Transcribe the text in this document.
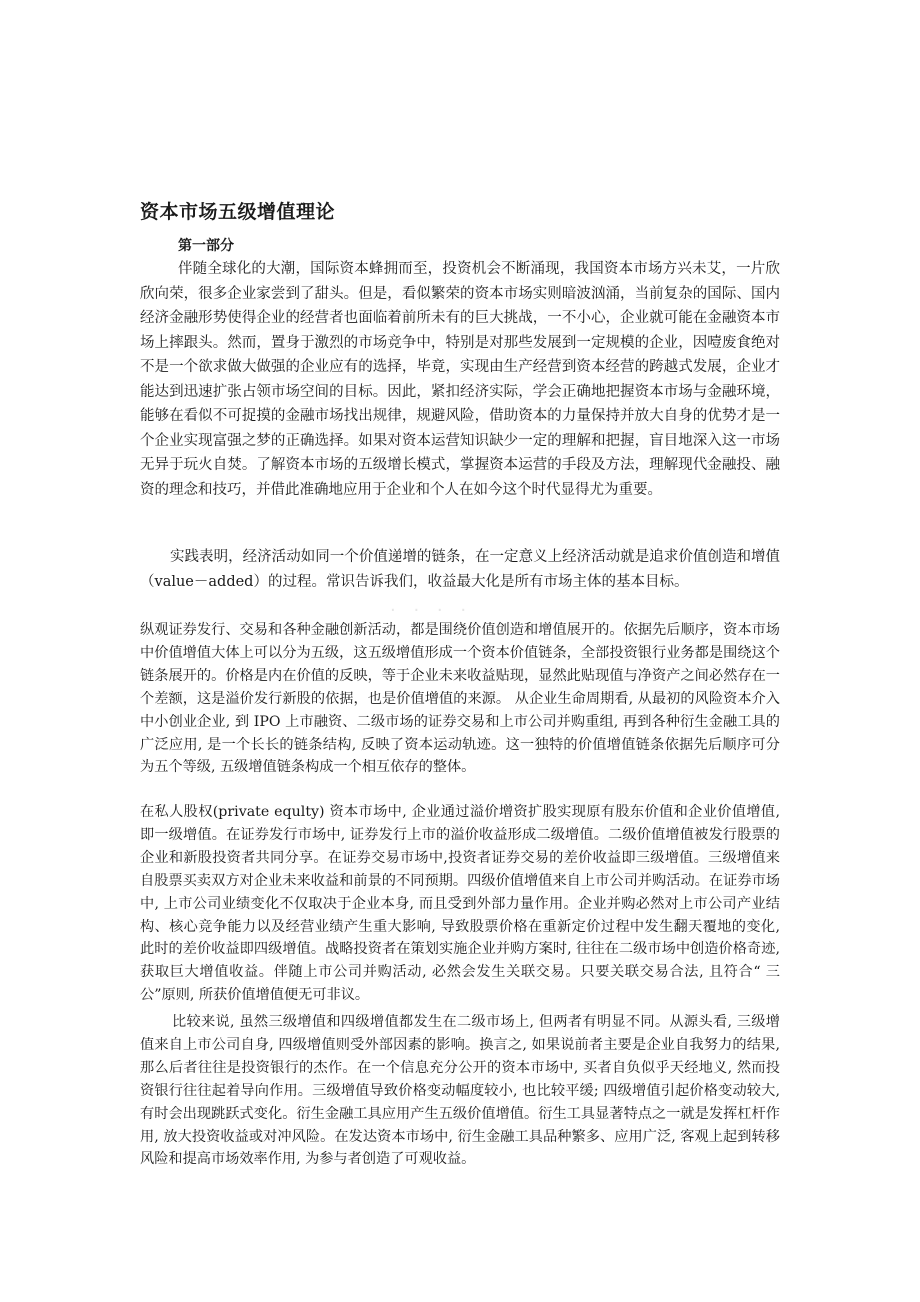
资本市场五级增值理论
第一部分

伴随全球化的大潮，国际资本蜂拥而至，投资机会不断涌现，我国资本市场方兴未艾，一片欣欣向荣，很多企业家尝到了甜头。但是，看似繁荣的资本市场实则暗波汹涌，当前复杂的国际、国内经济金融形势使得企业的经营者也面临着前所未有的巨大挑战，一不小心，企业就可能在金融资本市场上摔跟头。然而，置身于激烈的市场竞争中，特别是对那些发展到一定规模的企业，因噎废食绝对不是一个欲求做大做强的企业应有的选择，毕竟，实现由生产经营到资本经营的跨越式发展，企业才能达到迅速扩张占领市场空间的目标。因此，紧扣经济实际，学会正确地把握资本市场与金融环境，能够在看似不可捉摸的金融市场找出规律，规避风险，借助资本的力量保持并放大自身的优势才是一个企业实现富强之梦的正确选择。如果对资本运营知识缺少一定的理解和把握，盲目地深入这一市场无异于玩火自焚。了解资本市场的五级增长模式，掌握资本运营的手段及方法，理解现代金融投、融资的理念和技巧，并借此准确地应用于企业和个人在如今这个时代显得尤为重要。

实践表明，经济活动如同一个价值递增的链条，在一定意义上经济活动就是追求价值创造和增值（value－added）的过程。常识告诉我们，收益最大化是所有市场主体的基本目标。

纵观证券发行、交易和各种金融创新活动，都是围绕价值创造和增值展开的。依据先后顺序，资本市场中价值增值大体上可以分为五级，这五级增值形成一个资本价值链条，全部投资银行业务都是围绕这个链条展开的。价格是内在价值的反映，等于企业未来收益贴现，显然此贴现值与净资产之间必然存在一个差额，这是溢价发行新股的依据，也是价值增值的来源。 从企业生命周期看, 从最初的风险资本介入中小创业企业, 到 IPO 上市融资、二级市场的证券交易和上市公司并购重组, 再到各种衍生金融工具的广泛应用, 是一个长长的链条结构, 反映了资本运动轨迹。这一独特的价值增值链条依据先后顺序可分为五个等级, 五级增值链条构成一个相互依存的整体。

在私人股权(private equlty) 资本市场中, 企业通过溢价增资扩股实现原有股东价值和企业价值增值, 即一级增值。在证券发行市场中, 证券发行上市的溢价收益形成二级增值。二级价值增值被发行股票的企业和新股投资者共同分享。在证券交易市场中,投资者证券交易的差价收益即三级增值。三级增值来自股票买卖双方对企业未来收益和前景的不同预期。四级价值增值来自上市公司并购活动。在证券市场中, 上市公司业绩变化不仅取决于企业本身, 而且受到外部力量作用。企业并购必然对上市公司产业结构、核心竞争能力以及经营业绩产生重大影响, 导致股票价格在重新定价过程中发生翻天覆地的变化, 此时的差价收益即四级增值。战略投资者在策划实施企业并购方案时, 往往在二级市场中创造价格奇迹, 获取巨大增值收益。伴随上市公司并购活动, 必然会发生关联交易。只要关联交易合法, 且符合“ 三公”原则, 所获价值增值便无可非议。

比较来说, 虽然三级增值和四级增值都发生在二级市场上, 但两者有明显不同。从源头看, 三级增值来自上市公司自身, 四级增值则受外部因素的影响。换言之, 如果说前者主要是企业自我努力的结果, 那么后者往往是投资银行的杰作。在一个信息充分公开的资本市场中, 买者自负似乎天经地义, 然而投资银行往往起着导向作用。三级增值导致价格变动幅度较小, 也比较平缓; 四级增值引起价格变动较大, 有时会出现跳跃式变化。衍生金融工具应用产生五级价值增值。衍生工具显著特点之一就是发挥杠杆作用, 放大投资收益或对冲风险。在发达资本市场中, 衍生金融工具品种繁多、应用广泛, 客观上起到转移风险和提高市场效率作用, 为参与者创造了可观收益。

· · · ·
